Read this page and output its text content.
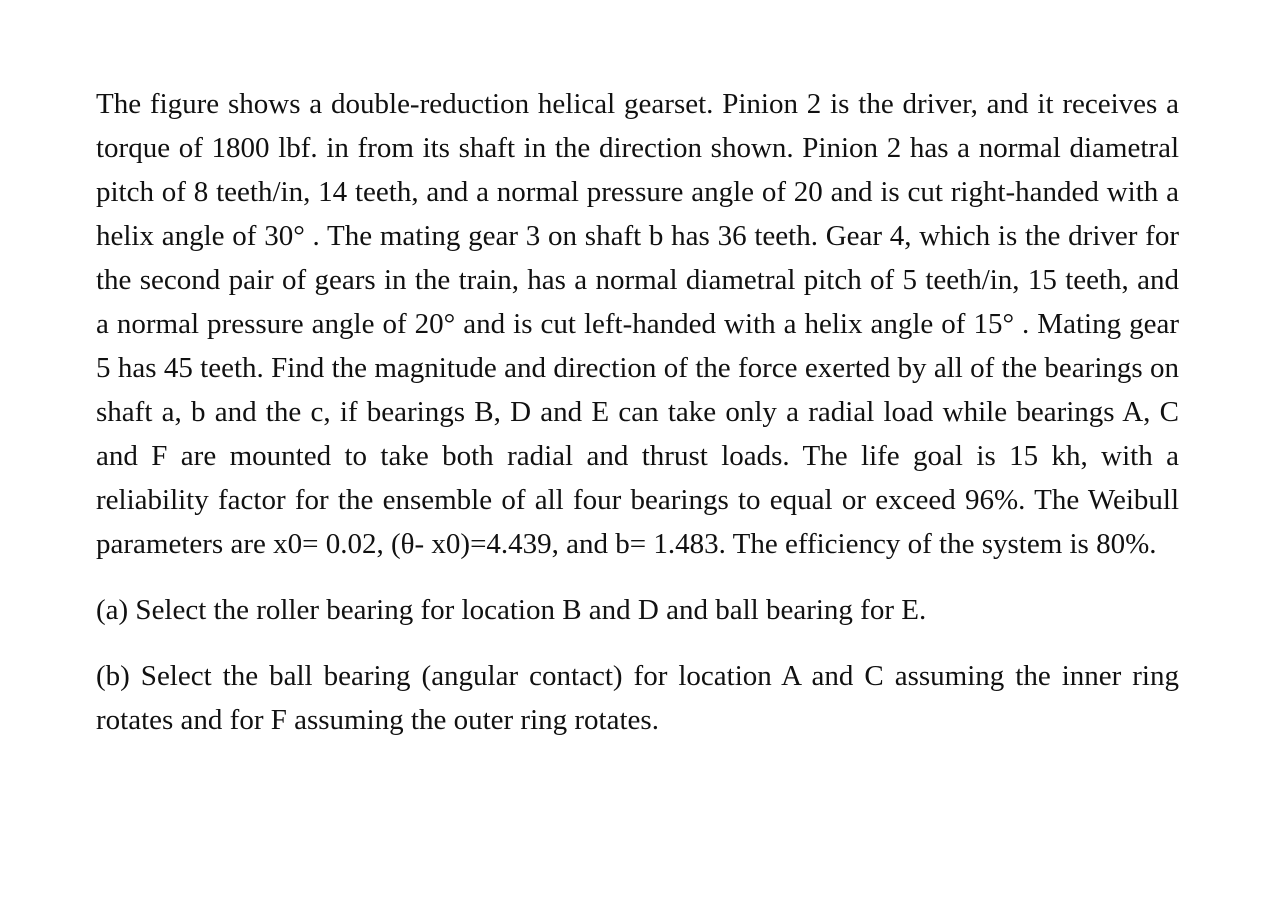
The figure shows a double-reduction helical gearset. Pinion 2 is the driver, and it receives a torque of 1800 lbf. in from its shaft in the direction shown. Pinion 2 has a normal diametral pitch of 8 teeth/in, 14 teeth, and a normal pressure angle of 20 and is cut right-handed with a helix angle of 30° . The mating gear 3 on shaft b has 36 teeth. Gear 4, which is the driver for the second pair of gears in the train, has a normal diametral pitch of 5 teeth/in, 15 teeth, and a normal pressure angle of 20° and is cut left-handed with a helix angle of 15° . Mating gear 5 has 45 teeth. Find the magnitude and direction of the force exerted by all of the bearings on shaft a, b and the c, if bearings B, D and E can take only a radial load while bearings A, C and F are mounted to take both radial and thrust loads. The life goal is 15 kh, with a reliability factor for the ensemble of all four bearings to equal or exceed 96%. The Weibull parameters are x0= 0.02, (θ- x0)=4.439, and b= 1.483. The efficiency of the system is 80%.

(a) Select the roller bearing for location B and D and ball bearing for E.

(b) Select the ball bearing (angular contact) for location A and C assuming the inner ring rotates and for F assuming the outer ring rotates.
